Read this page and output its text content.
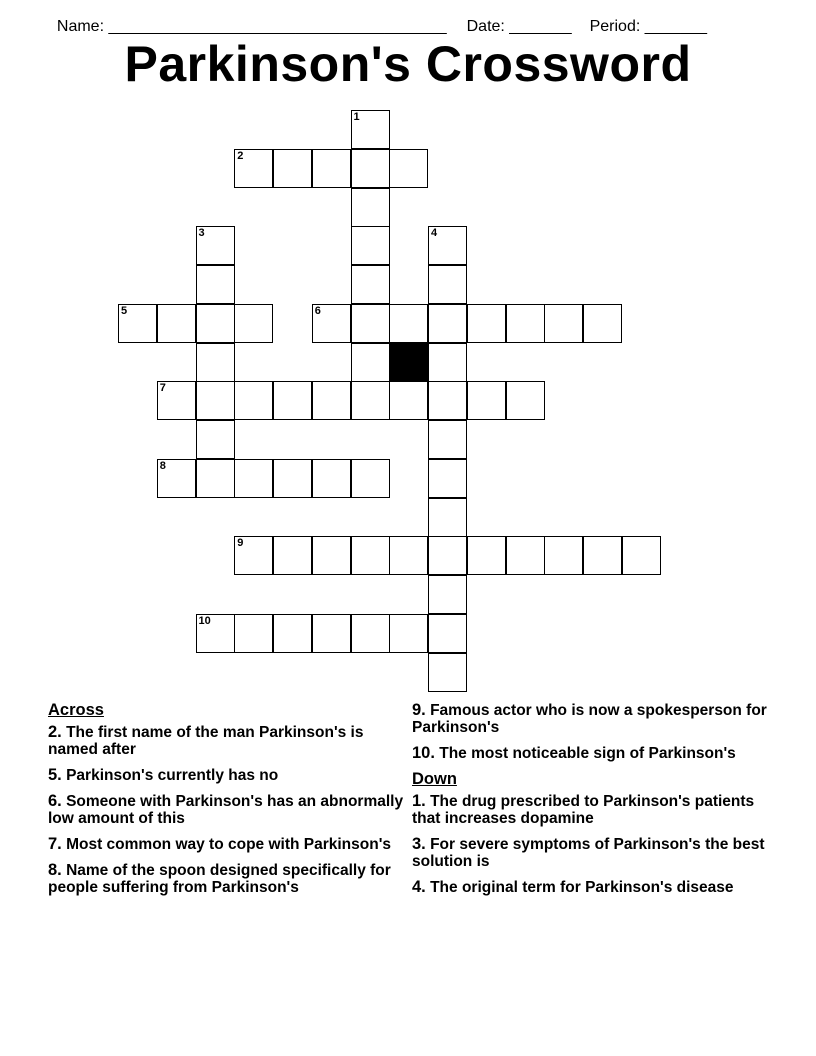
Name: ______________________________________ Date: _______ Period: _______

Parkinson's Crossword
1
2
3	4
5	6
7
8
9
10
Across
2. The first name of the man Parkinson's is named after
5. Parkinson's currently has no
6. Someone with Parkinson's has an abnormally low amount of this
7. Most common way to cope with Parkinson's
8. Name of the spoon designed specifically for people suffering from Parkinson's
9. Famous actor who is now a spokesperson for Parkinson's
10. The most noticeable sign of Parkinson's
Down
1. The drug prescribed to Parkinson's patients that increases dopamine
3. For severe symptoms of Parkinson's the best solution is
4. The original term for Parkinson's disease
